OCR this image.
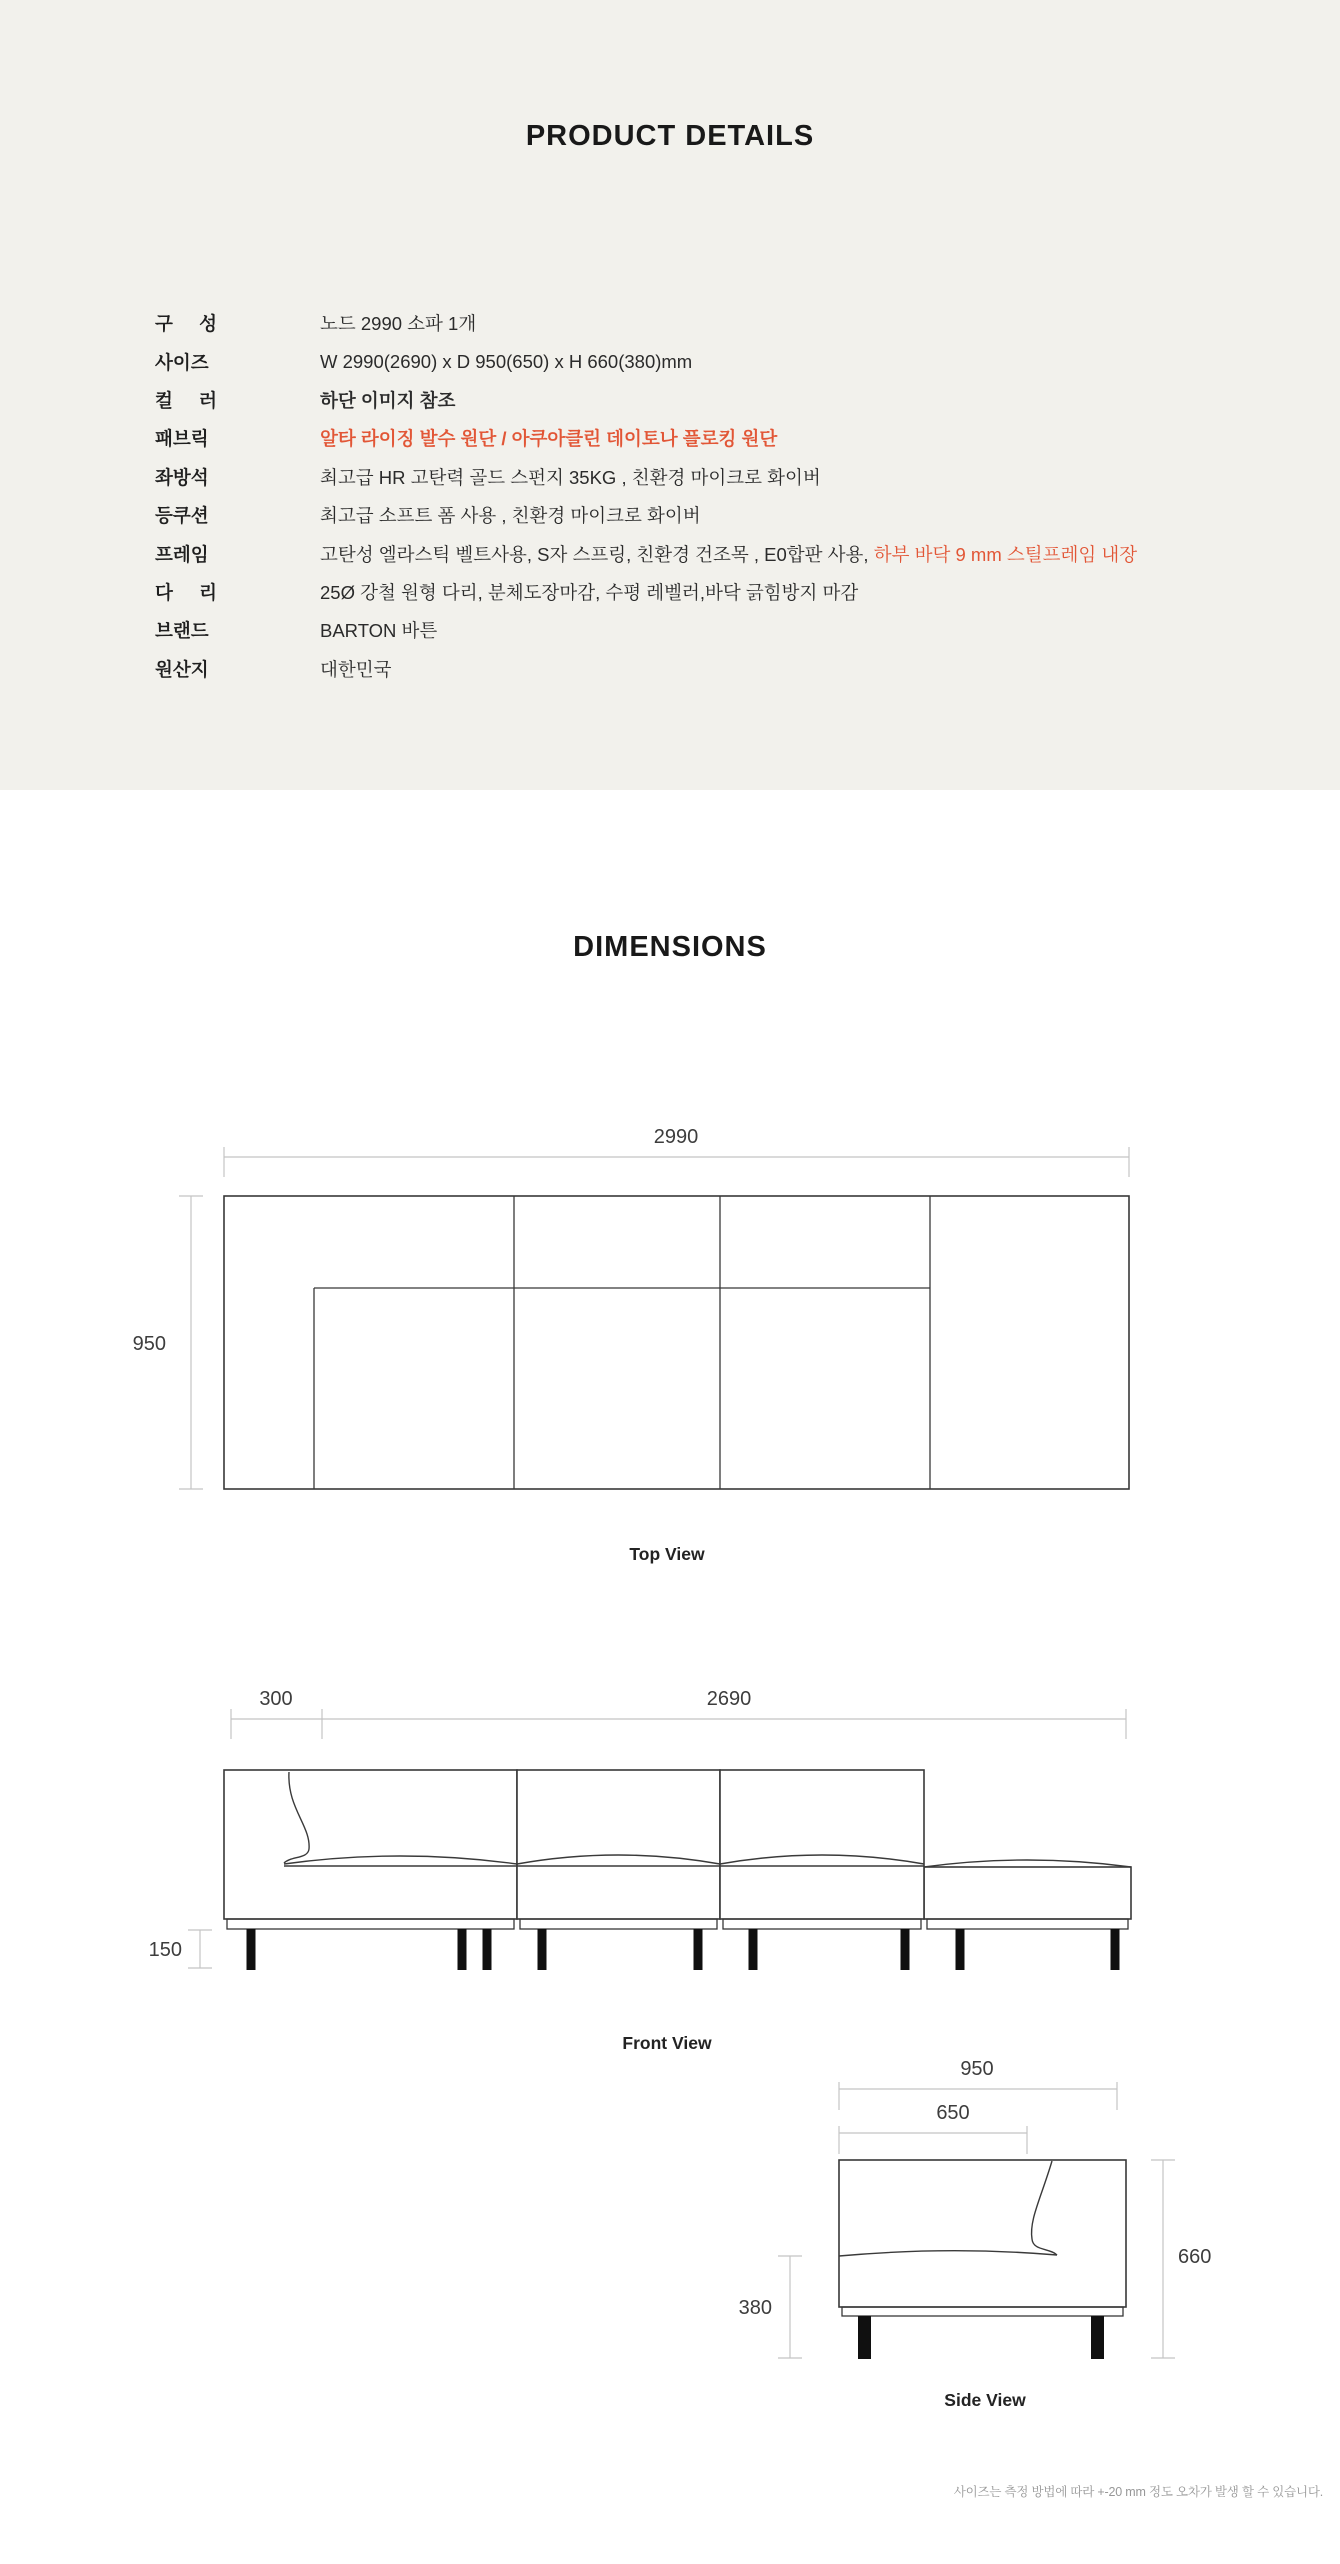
PRODUCT DETAILS
구 성	노드 2990 소파 1개
사이즈	W 2990(2690) x D 950(650) x H 660(380)mm
컬 러	하단 이미지 참조
패브릭	알타 라이징 발수 원단 / 아쿠아클린 데이토나 플로킹 원단
좌방석	최고급 HR 고탄력 골드 스펀지 35KG , 친환경 마이크로 화이버
등쿠션	최고급 소프트 폼 사용 , 친환경 마이크로 화이버
프레임	고탄성 엘라스틱 벨트사용, S자 스프링, 친환경 건조목 , E0합판 사용, 하부 바닥 9 mm 스틸프레임 내장
다 리	25Ø 강철 원형 다리, 분체도장마감, 수평 레벨러,바닥 긁힘방지 마감
브랜드	BARTON 바튼
원산지	대한민국
DIMENSIONS
2990
950
Top View
300	2690
150
Front View
950
650
380
660
Side View
사이즈는 측정 방법에 따라 +-20 mm 정도 오차가 발생 할 수 있습니다.
